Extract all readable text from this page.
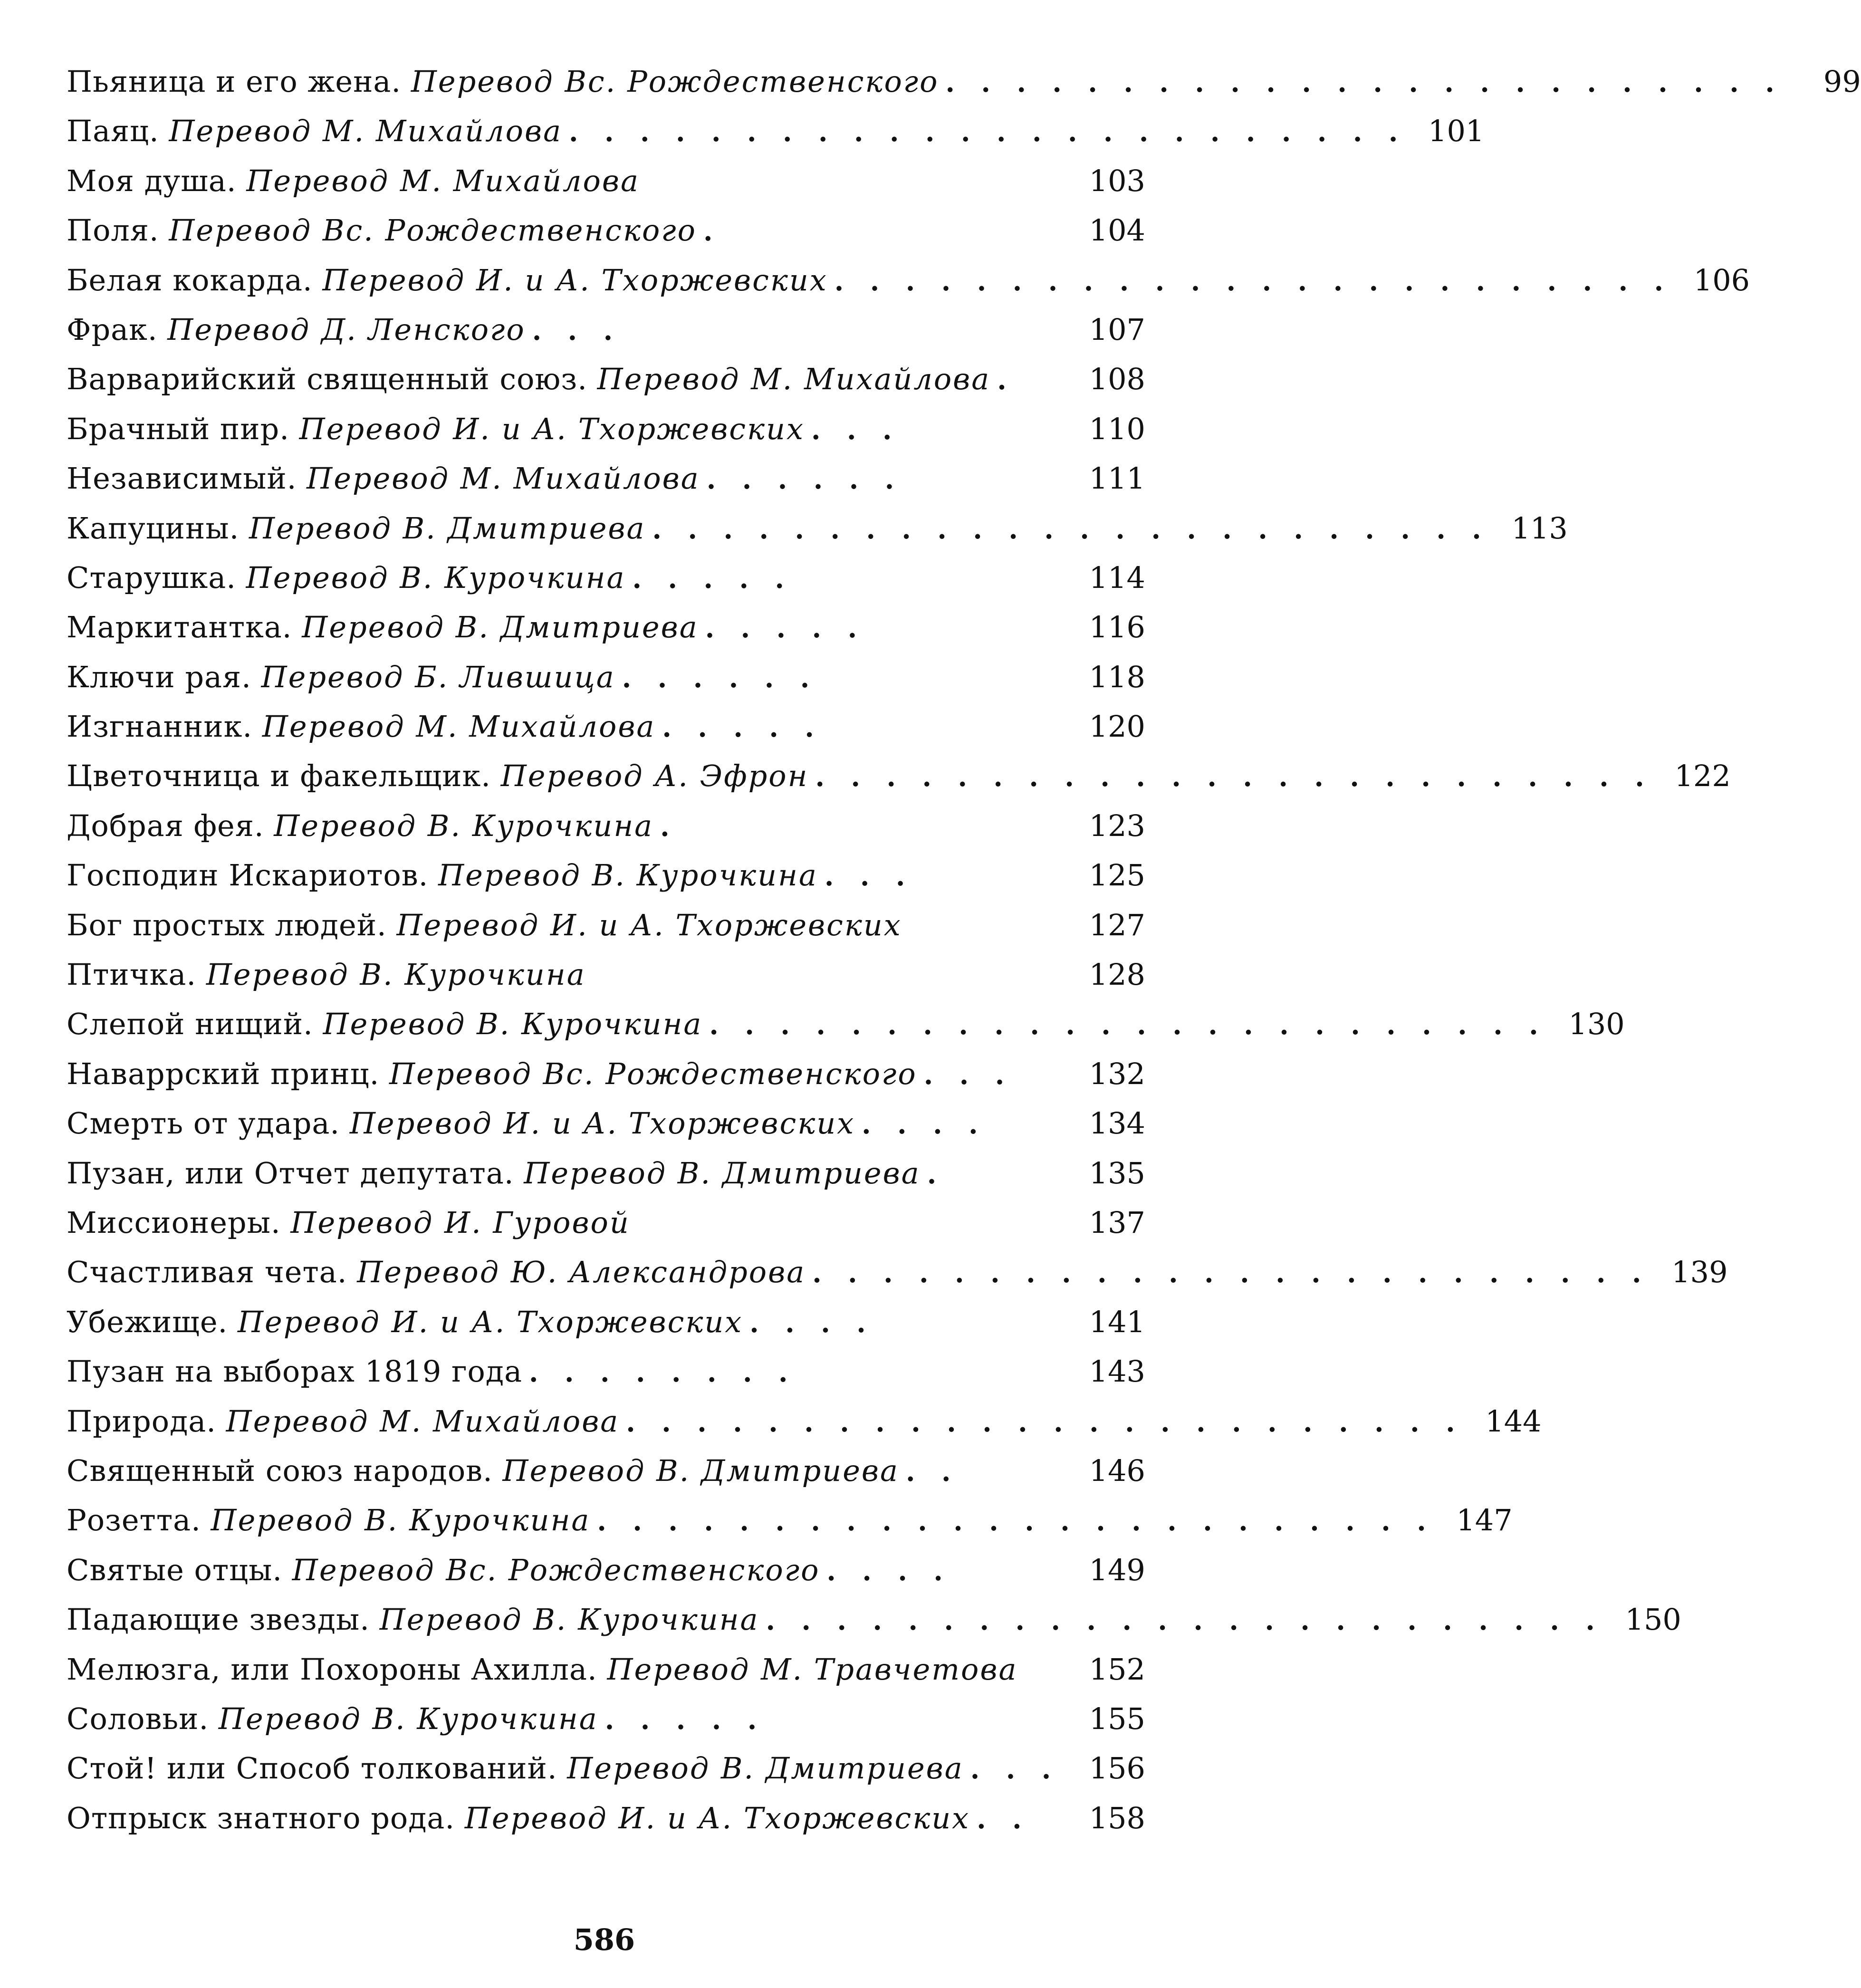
Пьяница и его жена. Перевод Вс. Рождественского . . . . . . . . . . . . . . . . . . . . . . . .	99
Паяц. Перевод М. Михайлова . . . . . . . . . . . . . . . . . . . . . . . . 101
Моя душа. Перевод М. Михайлова	103
Поля. Перевод Вс. Рождественского .	104
Белая кокарда. Перевод И. и А. Тхоржевских . . . . . . . . . . . . . . . . . . . . . . . . 106
Фрак. Перевод Д. Ленского . . .	107
Варварийский священный союз. Перевод М. Михайлова .	108
Брачный пир. Перевод И. и А. Тхоржевских . . .	110
Независимый. Перевод М. Михайлова . . . . . .	111
Капуцины. Перевод В. Дмитриева . . . . . . . . . . . . . . . . . . . . . . . . 113
Старушка. Перевод В. Курочкина . . . . .	114
Маркитантка. Перевод В. Дмитриева . . . . .	116
Ключи рая. Перевод Б. Лившица . . . . . .	118
Изгнанник. Перевод М. Михайлова . . . . .	120
Цветочница и факельщик. Перевод А. Эфрон . . . . . . . . . . . . . . . . . . . . . . . . 122
Добрая фея. Перевод В. Курочкина .	123
Господин Искариотов. Перевод В. Курочкина . . .	125
Бог простых людей. Перевод И. и А. Тхоржевских	127
Птичка. Перевод В. Курочкина	128
Слепой нищий. Перевод В. Курочкина . . . . . . . . . . . . . . . . . . . . . . . . 130
Наваррский принц. Перевод Вс. Рождественского . . .	132
Смерть от удара. Перевод И. и А. Тхоржевских . . . .	134
Пузан, или Отчет депутата. Перевод В. Дмитриева .	135
Миссионеры. Перевод И. Гуровой	137
Счастливая чета. Перевод Ю. Александрова . . . . . . . . . . . . . . . . . . . . . . . . 139
Убежище. Перевод И. и А. Тхоржевских . . . .	141
Пузан на выборах 1819 года . . . . . . . .	143
Природа. Перевод М. Михайлова . . . . . . . . . . . . . . . . . . . . . . . . 144
Священный союз народов. Перевод В. Дмитриева . .	146
Розетта. Перевод В. Курочкина . . . . . . . . . . . . . . . . . . . . . . . . 147
Святые отцы. Перевод Вс. Рождественского . . . .	149
Падающие звезды. Перевод В. Курочкина . . . . . . . . . . . . . . . . . . . . . . . . 150
Мелюзга, или Похороны Ахилла. Перевод М. Травчетова	152
Соловьи. Перевод В. Курочкина . . . . .	155
Стой! или Способ толкований. Перевод В. Дмитриева . . .	156
Отпрыск знатного рода. Перевод И. и А. Тхоржевских . .	158
586
